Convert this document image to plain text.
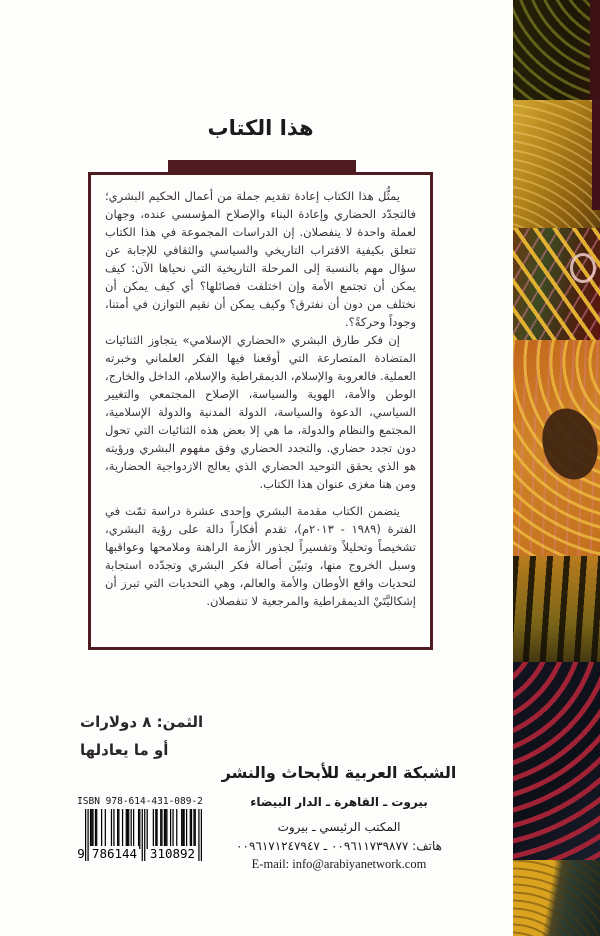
هذا الكتاب

يمثُّل هذا الكتاب إعادة تقديم جملة من أعمال الحكيم البشري؛ فالتجدّد الحضاري وإعادة البناء والإصلاح المؤسسي عنده، وجهان لعملة واحدة لا ينفصلان. إن الدراسات المجموعة في هذا الكتاب تتعلق بكيفية الاقتراب التاريخي والسياسي والثقافي للإجابة عن سؤال مهم بالنسبة إلى المرحلة التاريخية التي نحياها الآن: كيف يمكن أن تجتمع الأمة وإن اختلفت فصائلها؟ أي كيف يمكن أن نختلف من دون أن نفترق؟ وكيف يمكن أن نقيم التوازن في أمتنا، وجوداً وحركةً؟.

إن فكر طارق البشري «الحضاري الإسلامي» يتجاوز الثنائيات المتضادة المتصارعة التي أوقعنا فيها الفكر العلماني وخبرته العملية. فالعروبة والإسلام، الديمقراطية والإسلام، الداخل والخارج، الوطن والأمة، الهوية والسياسة، الإصلاح المجتمعي والتغيير السياسي، الدعوة والسياسة، الدولة المدنية والدولة الإسلامية، المجتمع والنظام والدولة، ما هي إلا بعض هذه الثنائيات التي تحول دون تجدد حضاري. والتجدد الحضاري وفق مفهوم البشري ورؤيته هو الذي يحقق التوحيد الحضاري الذي يعالج الازدواجية الحضارية، ومن هنا مغزى عنوان هذا الكتاب.

يتضمن الكتاب مقدمة البشري وإحدى عشرة دراسة تمّت في الفترة (١٩٨٩ - ٢٠١٣م)، تقدم أفكاراً دالة على رؤية البشري، تشخيصاً وتحليلاً وتفسيراً لجذور الأزمة الراهنة وملامحها وعواقبها وسبل الخروج منها، وتبيّن أصالة فكر البشري وتجدّده استجابة لتحديات واقع الأوطان والأمة والعالم، وهي التحديات التي تبرز أن إشكاليَّتَيْ الديمقراطية والمرجعية لا تنفصلان.

الثمن: ٨ دولارات
أو ما يعادلها
الشبكة العربية للأبحاث والنشر
بيروت ـ القاهرة ـ الدار البيضاء
المكتب الرئيسي ـ بيروت
هاتف: ٠٠٩٦١١٧٣٩٨٧٧ ـ ٠٠٩٦١٧١٢٤٧٩٤٧
E-mail: info@arabiyanetwork.com
ISBN 978-614-431-089-2
9 786144 310892
